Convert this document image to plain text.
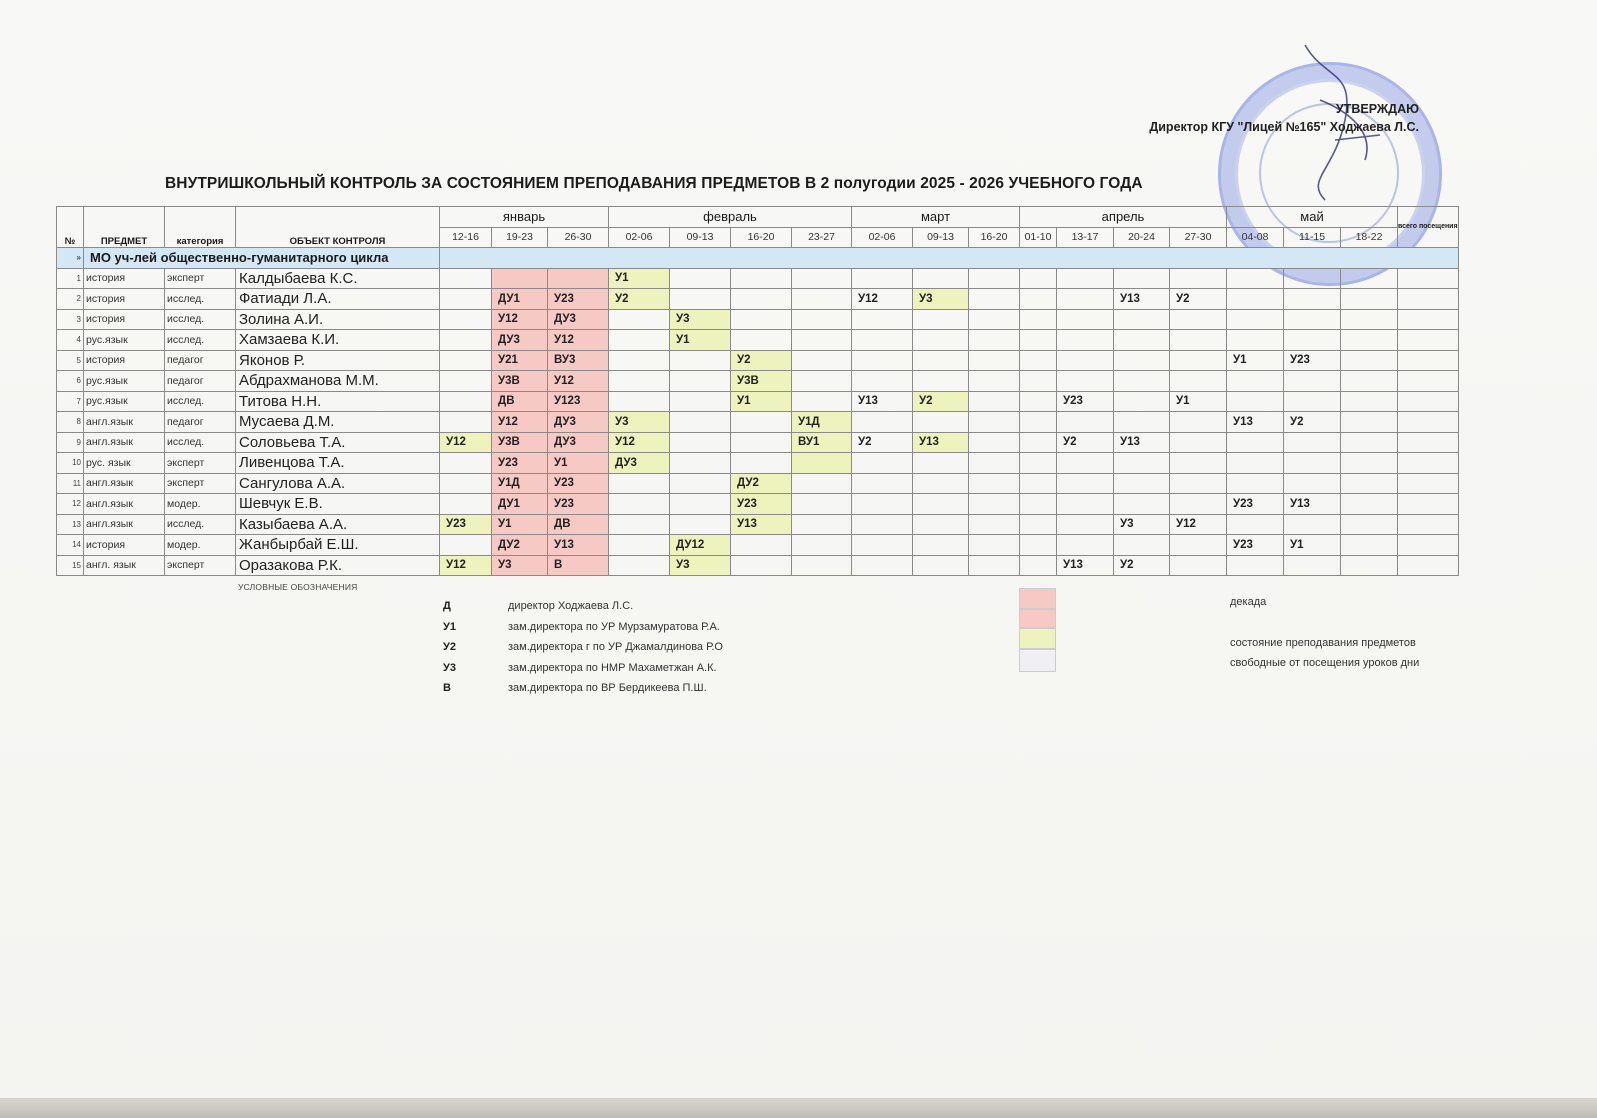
УТВЕРЖДАЮ
Директор КГУ "Лицей №165" Ходжаева Л.С.
ВНУТРИШКОЛЬНЫЙ КОНТРОЛЬ ЗА СОСТОЯНИЕМ ПРЕПОДАВАНИЯ ПРЕДМЕТОВ В 2 полугодии 2025 - 2026 УЧЕБНОГО ГОДА
№	ПРЕДМЕТ	категория	ОБЪЕКТ КОНТРОЛЯ	январь			февраль				март			апрель				май			всего посещения
				12-16	19-23	26-30	02-06	09-13	16-20	23-27	02-06	09-13	16-20	01-10	13-17	20-24	27-30	04-08	11-15	18-22	
»	МО уч-лей общественно-гуманитарного цикла																				
1	история	эксперт	Калдыбаева К.С.				У1														
2	история	исслед.	Фатиади Л.А.		ДУ1	У23	У2				У12	У3				У13	У2				
3	история	исслед.	Золина А.И.		У12	ДУ3		У3													
4	рус.язык	исслед.	Хамзаева К.И.		ДУ3	У12		У1													
5	история	педагог	Яконов Р.		У21	ВУ3			У2									У1	У23		
6	рус.язык	педагог	Абдрахманова М.М.		У3В	У12			У3В												
7	рус.язык	исслед.	Титова Н.Н.		ДВ	У123			У1		У13	У2			У23		У1				
8	англ.язык	педагог	Мусаева Д.М.		У12	ДУ3	У3			У1Д								У13	У2		
9	англ.язык	исслед.	Соловьева Т.А.	У12	У3В	ДУ3	У12			ВУ1	У2	У13			У2	У13					
10	рус. язык	эксперт	Ливенцова Т.А.		У23	У1	ДУ3														
11	англ.язык	эксперт	Сангулова А.А.		У1Д	У23			ДУ2												
12	англ.язык	модер.	Шевчук Е.В.		ДУ1	У23			У23									У23	У13		
13	англ.язык	исслед.	Казыбаева А.А.	У23	У1	ДВ			У13							У3	У12				
14	история	модер.	Жанбырбай Е.Ш.		ДУ2	У13		ДУ12										У23	У1		
15	англ. язык	эксперт	Оразакова Р.К.	У12	У3	В		У3							У13	У2					
УСЛОВНЫЕ ОБОЗНАЧЕНИЯ
Д	директор Ходжаева Л.С.
У1	зам.директора по УР Мурзамуратова Р.А.
У2	зам.директора г по УР Джамалдинова Р.О
У3	зам.директора по НМР Махаметжан А.К.
В	зам.директора по ВР Бердикеева П.Ш.
декада
состояние преподавания предметов
свободные от посещения уроков дни
